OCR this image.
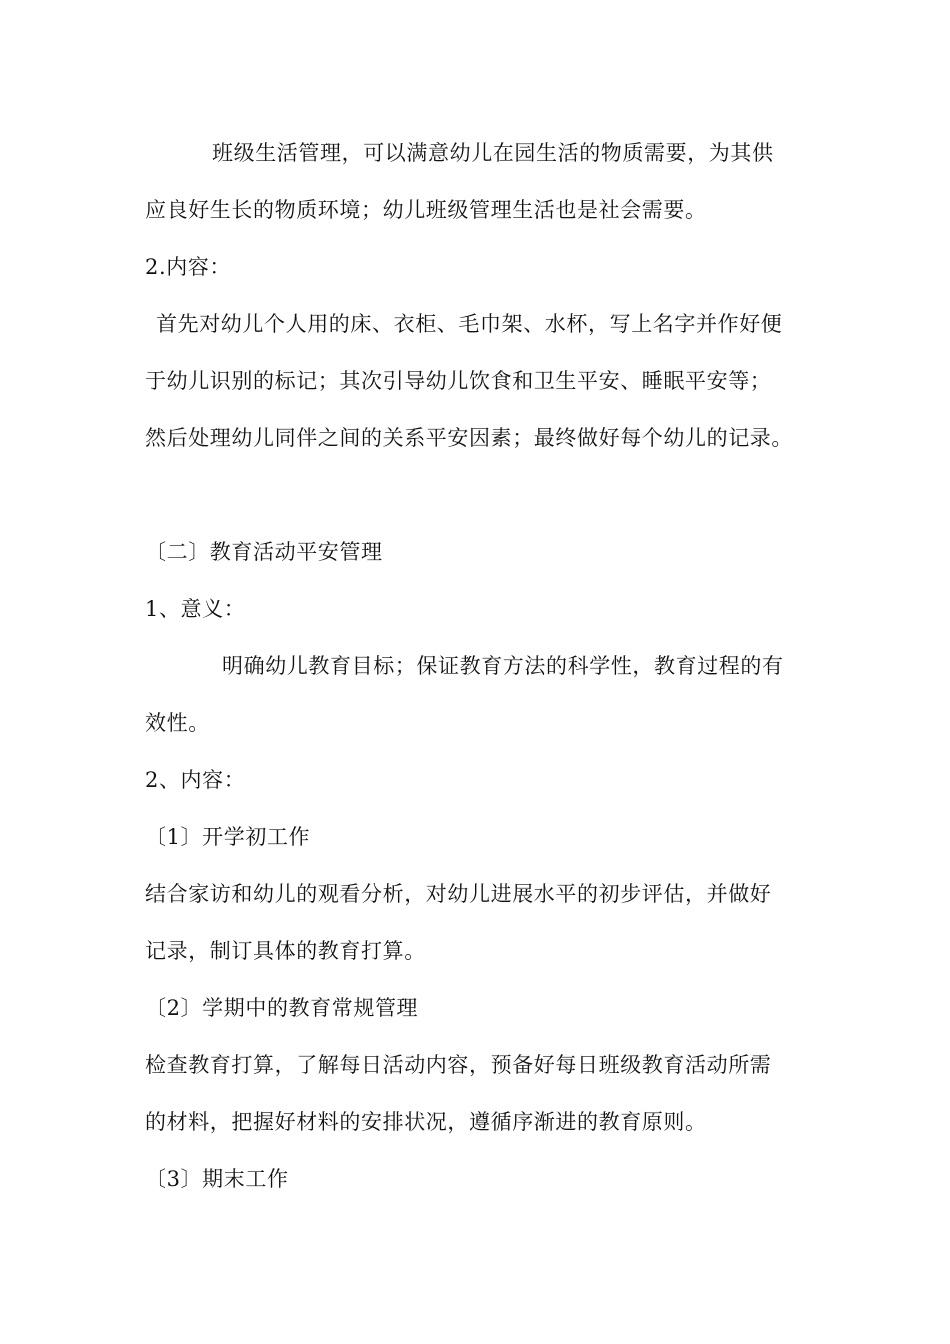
班级生活管理，可以满意幼儿在园生活的物质需要，为其供
应良好生长的物质环境；幼儿班级管理生活也是社会需要。
2.内容：
首先对幼儿个人用的床、衣柜、毛巾架、水杯，写上名字并作好便
于幼儿识别的标记；其次引导幼儿饮食和卫生平安、睡眠平安等；
然后处理幼儿同伴之间的关系平安因素；最终做好每个幼儿的记录。
〔二〕教育活动平安管理
1、意义：
明确幼儿教育目标；保证教育方法的科学性，教育过程的有
效性。
2、内容：
〔1〕开学初工作
结合家访和幼儿的观看分析，对幼儿进展水平的初步评估，并做好
记录，制订具体的教育打算。
〔2〕学期中的教育常规管理
检查教育打算，了解每日活动内容，预备好每日班级教育活动所需
的材料，把握好材料的安排状况，遵循序渐进的教育原则。
〔3〕期末工作
